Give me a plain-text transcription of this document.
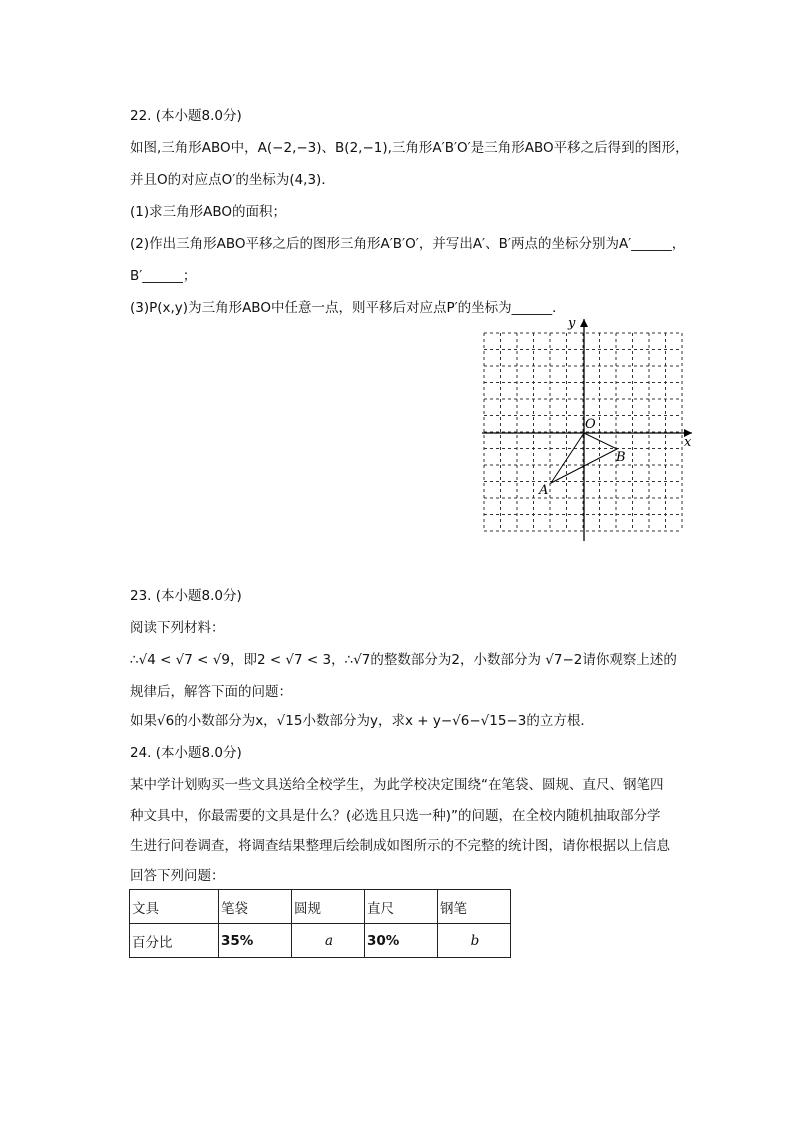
22. (本小题8.0分)
如图,三角形ABO中，A(−2,−3)、B(2,−1),三角形A′B′O′是三角形ABO平移之后得到的图形，
并且O的对应点O′的坐标为(4,3)．
(1)求三角形ABO的面积；
(2)作出三角形ABO平移之后的图形三角形A′B′O′，并写出A′、B′两点的坐标分别为A′______，
B′______；
(3)P(x,y)为三角形ABO中任意一点，则平移后对应点P′的坐标为______．
x
y
O
A
B
23. (本小题8.0分)
阅读下列材料：
∴√4 < √7 < √9，即2 < √7 < 3，∴√7的整数部分为2，小数部分为 √7−2请你观察上述的
规律后，解答下面的问题：
如果√6的小数部分为x，√15小数部分为y，求x + y−√6−√15−3的立方根．
24. (本小题8.0分)
某中学计划购买一些文具送给全校学生，为此学校决定围绕“在笔袋、圆规、直尺、钢笔四
种文具中，你最需要的文具是什么？(必选且只选一种)”的问题，在全校内随机抽取部分学
生进行问卷调查，将调查结果整理后绘制成如图所示的不完整的统计图，请你根据以上信息
回答下列问题：
文具	笔袋	圆规	直尺	钢笔
百分比	35%	a	30%	b
